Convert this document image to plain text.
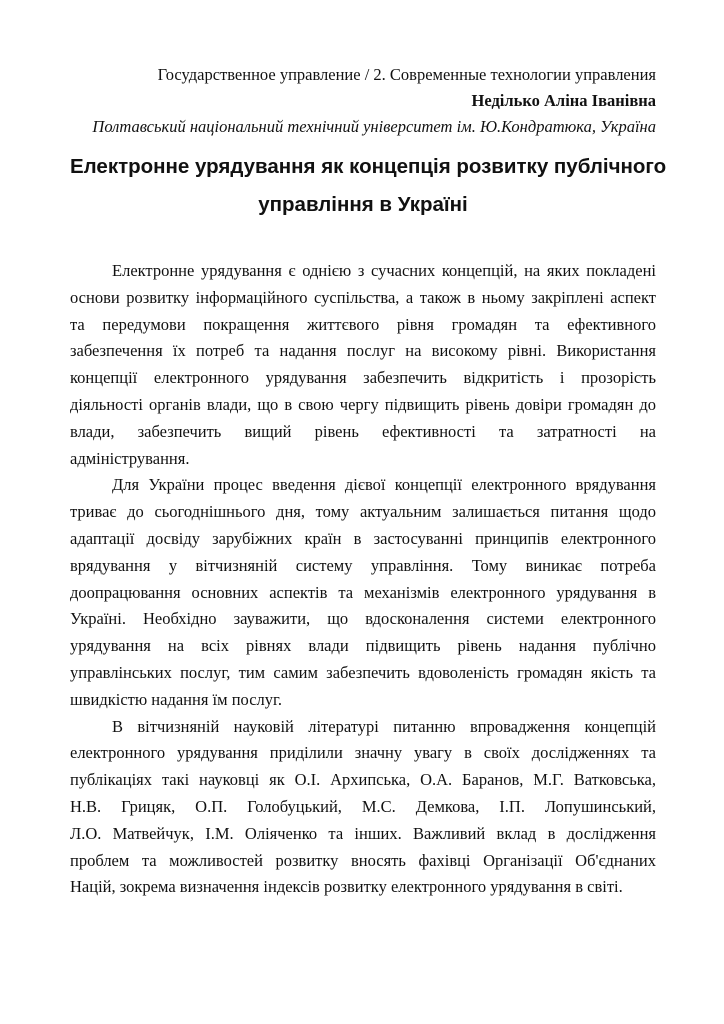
Государственное управление / 2. Современные технологии управления
Недiлько Алiна Iванiвна
Полтавський нацiональний технiчний унiверситет iм. Ю.Кондратюка, Україна
Електронне урядування як концепція розвитку публічного
управління в Україні

Електронне урядування є однією з сучасних концепцій, на яких покладені
основи розвитку інформаційного суспільства, а також в ньому закріплені аспект
та передумови покращення життєвого рівня громадян та ефективного
забезпечення їх потреб та надання послуг на високому рівні. Використання
концепції електронного урядування забезпечить відкритість і прозорість
діяльності органів влади, що в свою чергу підвищить рівень довіри громадян до
влади, забезпечить вищий рівень ефективності та затратності на
адміністрування.

Для України процес введення дієвої концепції електронного врядування
триває до сьогоднішнього дня, тому актуальним залишається питання щодо
адаптації досвіду зарубіжних країн в застосуванні принципів електронного
врядування у вітчизняній систему управління. Тому виникає потреба
доопрацювання основних аспектів та механізмів електронного урядування в
Україні. Необхідно зауважити, що вдосконалення системи електронного
урядування на всіх рівнях влади підвищить рівень надання публічно
управлінських послуг, тим самим забезпечить вдоволеність громадян якість та
швидкістю надання їм послуг.

В вітчизняній науковій літературі питанню впровадження концепцій
електронного урядування приділили значну увагу в своїх дослідженнях та
публікаціях такі науковці як О.І. Архипська, О.А. Баранов, М.Г. Ватковська,
Н.В. Грицяк, О.П. Голобуцький, М.С. Демкова, І.П. Лопушинський,
Л.О. Матвейчук, І.М. Оліяченко та інших. Важливий вклад в дослідження
проблем та можливостей розвитку вносять фахівці Організації Об'єднаних
Націй, зокрема визначення індексів розвитку електронного урядування в світі.
